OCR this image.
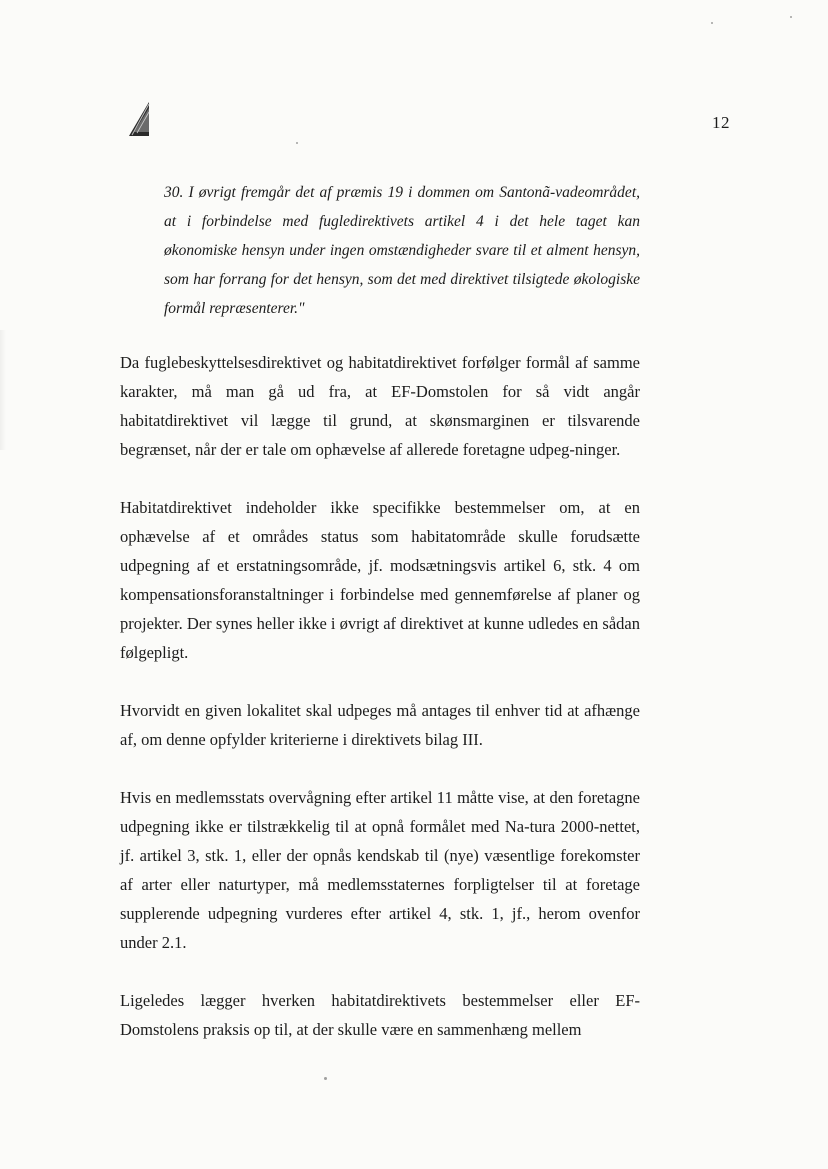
12

30. I øvrigt fremgår det af præmis 19 i dommen om Santonã-vadeområdet, at i forbindelse med fugledirektivets artikel 4 i det hele taget kan økonomiske hensyn under ingen omstændigheder svare til et alment hensyn, som har forrang for det hensyn, som det med direktivet tilsigtede økologiske formål repræsenterer."

Da fuglebeskyttelsesdirektivet og habitatdirektivet forfølger formål af samme karakter, må man gå ud fra, at EF-Domstolen for så vidt angår habitatdirektivet vil lægge til grund, at skønsmarginen er tilsvarende begrænset, når der er tale om ophævelse af allerede foretagne udpeg-ninger.

Habitatdirektivet indeholder ikke specifikke bestemmelser om, at en ophævelse af et områdes status som habitatområde skulle forudsætte udpegning af et erstatningsområde, jf. modsætningsvis artikel 6, stk. 4 om kompensationsforanstaltninger i forbindelse med gennemførelse af planer og projekter. Der synes heller ikke i øvrigt af direktivet at kunne udledes en sådan følgepligt.

Hvorvidt en given lokalitet skal udpeges må antages til enhver tid at afhænge af, om denne opfylder kriterierne i direktivets bilag III.

Hvis en medlemsstats overvågning efter artikel 11 måtte vise, at den foretagne udpegning ikke er tilstrækkelig til at opnå formålet med Na-tura 2000-nettet, jf. artikel 3, stk. 1, eller der opnås kendskab til (nye) væsentlige forekomster af arter eller naturtyper, må medlemsstaternes forpligtelser til at foretage supplerende udpegning vurderes efter artikel 4, stk. 1, jf., herom ovenfor under 2.1.

Ligeledes lægger hverken habitatdirektivets bestemmelser eller EF-Domstolens praksis op til, at der skulle være en sammenhæng mellem
